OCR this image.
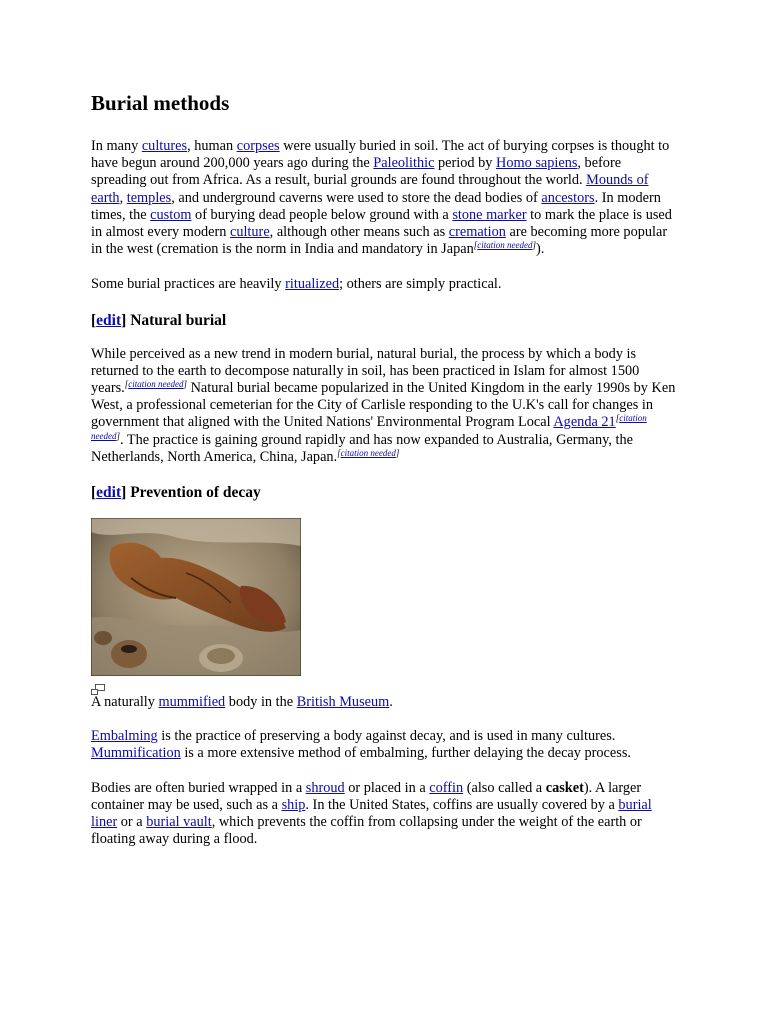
Burial methods

In many cultures, human corpses were usually buried in soil. The act of burying corpses is thought to have begun around 200,000 years ago during the Paleolithic period by Homo sapiens, before spreading out from Africa. As a result, burial grounds are found throughout the world. Mounds of earth, temples, and underground caverns were used to store the dead bodies of ancestors. In modern times, the custom of burying dead people below ground with a stone marker to mark the place is used in almost every modern culture, although other means such as cremation are becoming more popular in the west (cremation is the norm in India and mandatory in Japan[citation needed]).

Some burial practices are heavily ritualized; others are simply practical.

[edit] Natural burial

While perceived as a new trend in modern burial, natural burial, the process by which a body is returned to the earth to decompose naturally in soil, has been practiced in Islam for almost 1500 years.[citation needed] Natural burial became popularized in the United Kingdom in the early 1990s by Ken West, a professional cemeterian for the City of Carlisle responding to the U.K's call for changes in government that aligned with the United Nations' Environmental Program Local Agenda 21[citation needed]. The practice is gaining ground rapidly and has now expanded to Australia, Germany, the Netherlands, North America, China, Japan.[citation needed]

[edit] Prevention of decay

A naturally mummified body in the British Museum.

Embalming is the practice of preserving a body against decay, and is used in many cultures. Mummification is a more extensive method of embalming, further delaying the decay process.

Bodies are often buried wrapped in a shroud or placed in a coffin (also called a casket). A larger container may be used, such as a ship. In the United States, coffins are usually covered by a burial liner or a burial vault, which prevents the coffin from collapsing under the weight of the earth or floating away during a flood.
